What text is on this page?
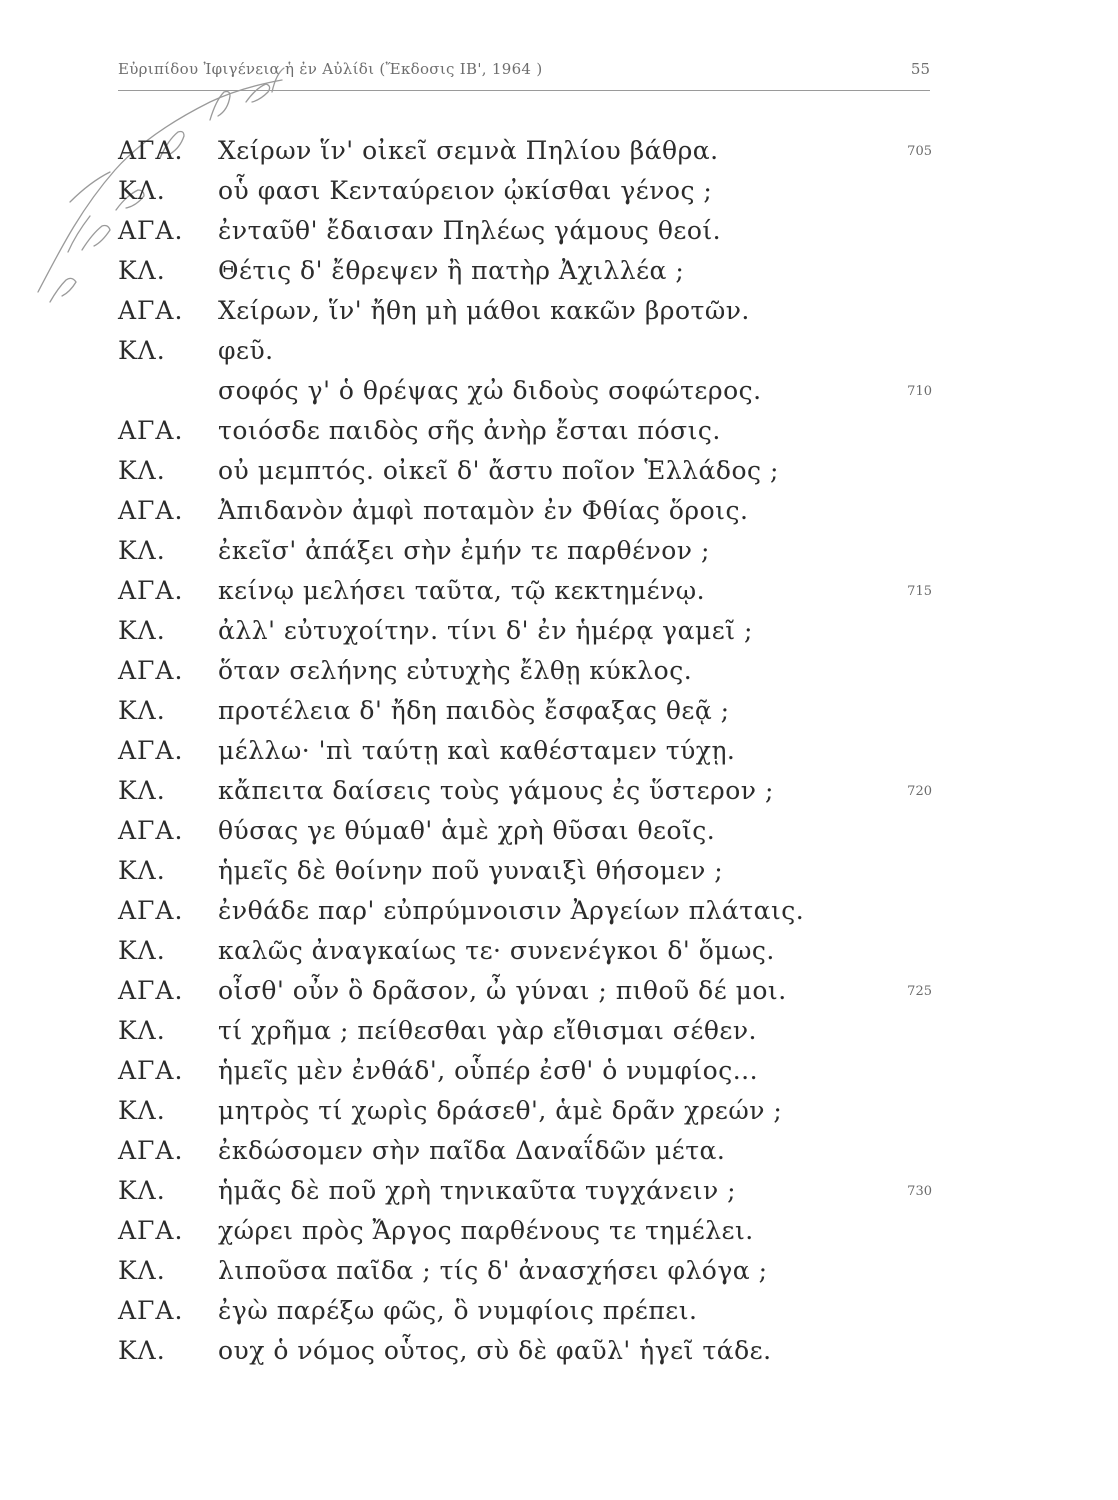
Εὐριπίδου Ἰφιγένεια ἡ ἐν Αὐλίδι (Ἔκδοσις ΙΒ', 1964 )	55
ΑΓΑ. Χείρων ἵν' οἰκεῖ σεμνὰ Πηλίου βάθρα.	705
ΚΛ. οὗ φασι Κενταύρειον ᾠκίσθαι γένος ;
ΑΓΑ. ἐνταῦθ' ἔδαισαν Πηλέως γάμους θεοί.
ΚΛ. Θέτις δ' ἔθρεψεν ἢ πατὴρ Ἀχιλλέα ;
ΑΓΑ. Χείρων, ἵν' ἤθη μὴ μάθοι κακῶν βροτῶν.
ΚΛ. φεῦ.
σοφός γ' ὁ θρέψας χὠ διδοὺς σοφώτερος.	710
ΑΓΑ. τοιόσδε παιδὸς σῆς ἀνὴρ ἔσται πόσις.
ΚΛ. οὐ μεμπτός. οἰκεῖ δ' ἄστυ ποῖον Ἑλλάδος ;
ΑΓΑ. Ἀπιδανὸν ἀμφὶ ποταμὸν ἐν Φθίας ὅροις.
ΚΛ. ἐκεῖσ' ἀπάξει σὴν ἐμήν τε παρθένον ;
ΑΓΑ. κείνῳ μελήσει ταῦτα, τῷ κεκτημένῳ.	715
ΚΛ. ἀλλ' εὐτυχοίτην. τίνι δ' ἐν ἡμέρᾳ γαμεῖ ;
ΑΓΑ. ὅταν σελήνης εὐτυχὴς ἔλθῃ κύκλος.
ΚΛ. προτέλεια δ' ἤδη παιδὸς ἔσφαξας θεᾷ ;
ΑΓΑ. μέλλω· 'πὶ ταύτῃ καὶ καθέσταμεν τύχῃ.
ΚΛ. κἄπειτα δαίσεις τοὺς γάμους ἐς ὕστερον ;	720
ΑΓΑ. θύσας γε θύμαθ' ἁμὲ χρὴ θῦσαι θεοῖς.
ΚΛ. ἡμεῖς δὲ θοίνην ποῦ γυναιξὶ θήσομεν ;
ΑΓΑ. ἐνθάδε παρ' εὐπρύμνοισιν Ἀργείων πλάταις.
ΚΛ. καλῶς ἀναγκαίως τε· συνενέγκοι δ' ὅμως.
ΑΓΑ. οἶσθ' οὖν ὃ δρᾶσον, ὦ γύναι ; πιθοῦ δέ μοι.	725
ΚΛ. τί χρῆμα ; πείθεσθαι γὰρ εἴθισμαι σέθεν.
ΑΓΑ. ἡμεῖς μὲν ἐνθάδ', οὗπέρ ἐσθ' ὁ νυμφίος...
ΚΛ. μητρὸς τί χωρὶς δράσεθ', ἁμὲ δρᾶν χρεών ;
ΑΓΑ. ἐκδώσομεν σὴν παῖδα Δαναΐδῶν μέτα.
ΚΛ. ἡμᾶς δὲ ποῦ χρὴ τηνικαῦτα τυγχάνειν ;	730
ΑΓΑ. χώρει πρὸς Ἄργος παρθένους τε τημέλει.
ΚΛ. λιποῦσα παῖδα ; τίς δ' ἀνασχήσει φλόγα ;
ΑΓΑ. ἐγὼ παρέξω φῶς, ὃ νυμφίοις πρέπει.
ΚΛ. ουχ ὁ νόμος οὗτος, σὺ δὲ φαῦλ' ἡγεῖ τάδε.
